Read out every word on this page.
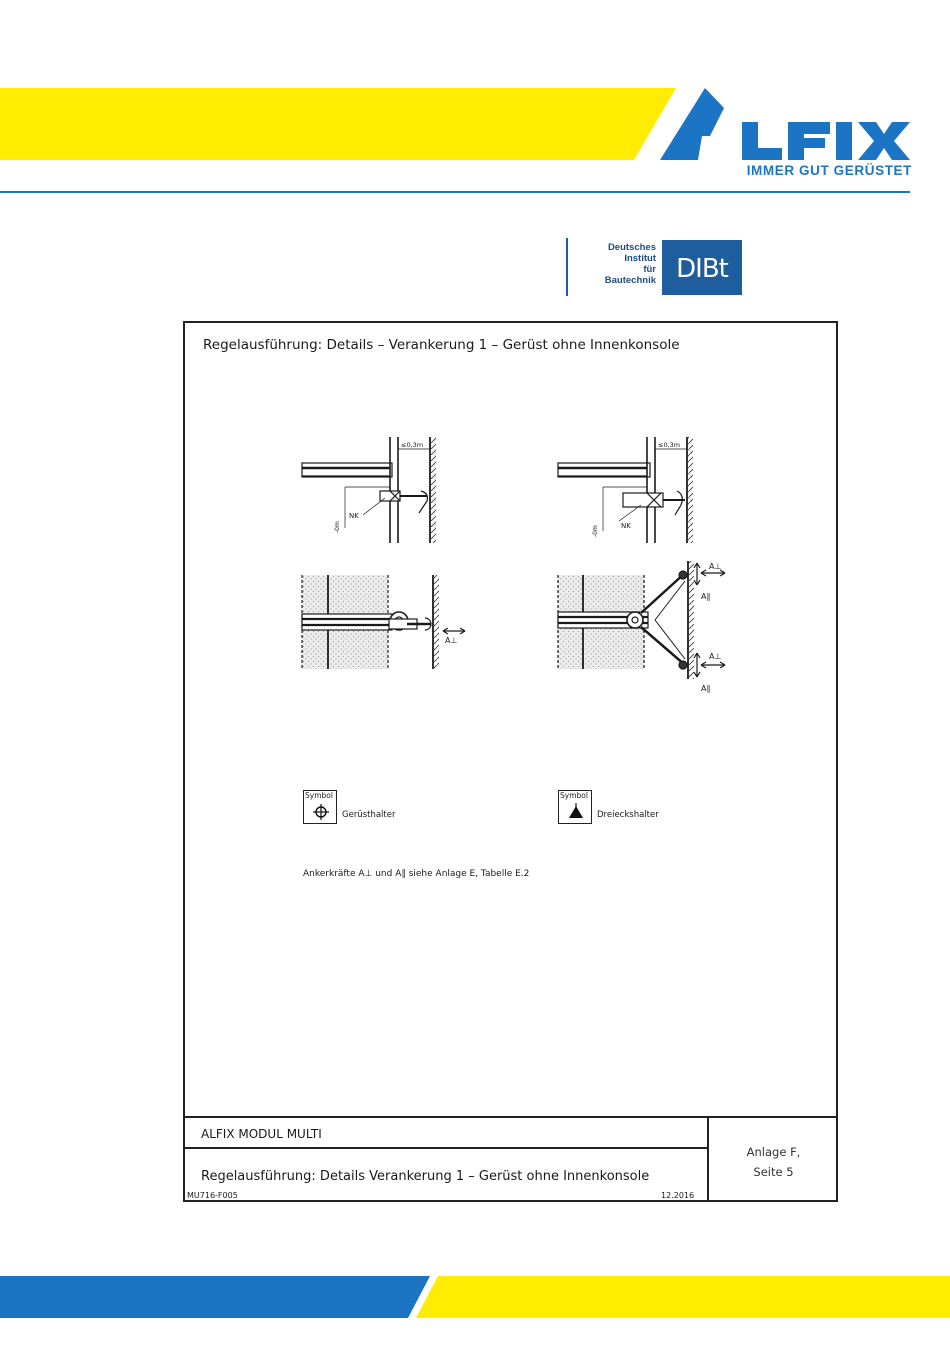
IMMER GUT GERÜSTET
Deutsches
Institut
für
Bautechnik DIBt
Regelausführung: Details – Verankerung 1 – Gerüst ohne Innenkonsole
≤0,3m
NK
-0m
≤0,3m
NK
-0m
A⊥
A⊥
A∥
A⊥
A∥
Symbol
Gerüsthalter
Symbol
Dreieckshalter
Ankerkräfte A⊥ und A∥ siehe Anlage E, Tabelle E.2
ALFIX MODUL MULTI
Regelausführung: Details Verankerung 1 – Gerüst ohne Innenkonsole
MU716-F005	12.2016
Anlage F,
Seite 5
